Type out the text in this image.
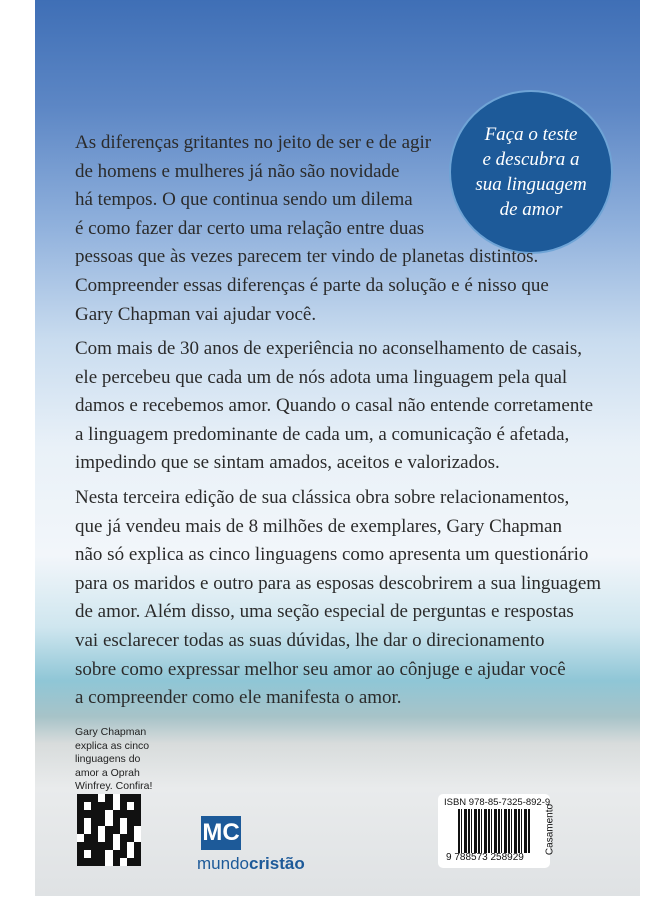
Faça o teste
e descubra a
sua linguagem
de amor
As diferenças gritantes no jeito de ser e de agir
de homens e mulheres já não são novidade
há tempos. O que continua sendo um dilema
é como fazer dar certo uma relação entre duas
pessoas que às vezes parecem ter vindo de planetas distintos.
Compreender essas diferenças é parte da solução e é nisso que
Gary Chapman vai ajudar você.
Com mais de 30 anos de experiência no aconselhamento de casais,
ele percebeu que cada um de nós adota uma linguagem pela qual
damos e recebemos amor. Quando o casal não entende corretamente
a linguagem predominante de cada um, a comunicação é afetada,
impedindo que se sintam amados, aceitos e valorizados.
Nesta terceira edição de sua clássica obra sobre relacionamentos,
que já vendeu mais de 8 milhões de exemplares, Gary Chapman
não só explica as cinco linguagens como apresenta um questionário
para os maridos e outro para as esposas descobrirem a sua linguagem
de amor. Além disso, uma seção especial de perguntas e respostas
vai esclarecer todas as suas dúvidas, lhe dar o direcionamento
sobre como expressar melhor seu amor ao cônjuge e ajudar você
a compreender como ele manifesta o amor.
Gary Chapman
explica as cinco
linguagens do
amor a Oprah
Winfrey. Confira!
MC
mundocristão
ISBN 978-85-7325-892-9
9 788573 258929
Casamento
